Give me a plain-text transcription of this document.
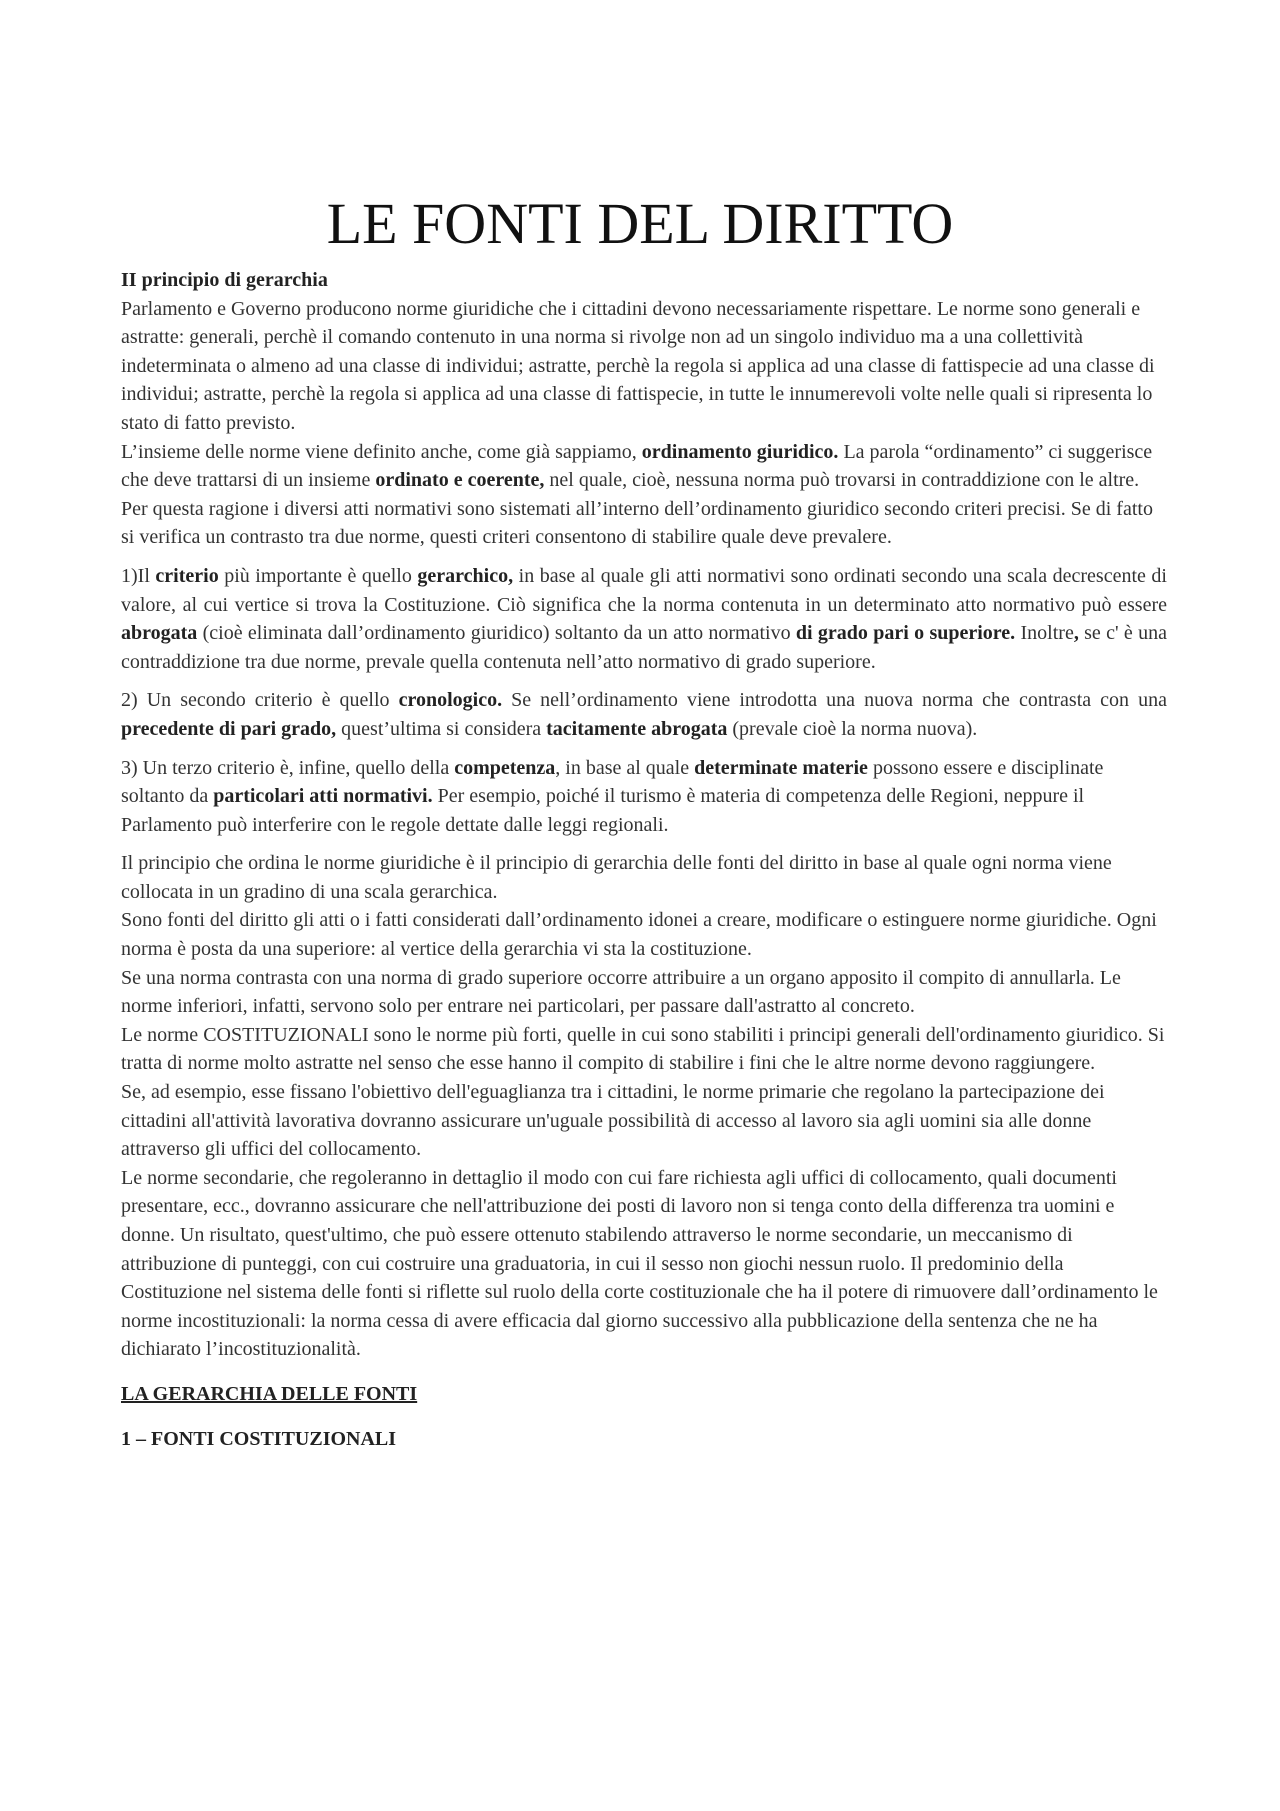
LE FONTI DEL DIRITTO

II principio di gerarchia

Parlamento e Governo producono norme giuridiche che i cittadini devono necessariamente rispettare. Le norme sono generali e astratte: generali, perchè il comando contenuto in una norma si rivolge non ad un singolo individuo ma a una collettività indeterminata o almeno ad una classe di individui; astratte, perchè la regola si applica ad una classe di fattispecie ad una classe di individui; astratte, perchè la regola si applica ad una classe di fattispecie, in tutte le innumerevoli volte nelle quali si ripresenta lo stato di fatto previsto.
L’insieme delle norme viene definito anche, come già sappiamo, ordinamento giuridico. La parola “ordinamento” ci suggerisce che deve trattarsi di un insieme ordinato e coerente, nel quale, cioè, nessuna norma può trovarsi in contraddizione con le altre. Per questa ragione i diversi atti normativi sono sistemati all’interno dell’ordinamento giuridico secondo criteri precisi. Se di fatto si verifica un contrasto tra due norme, questi criteri consentono di stabilire quale deve prevalere.

1)Il criterio più importante è quello gerarchico, in base al quale gli atti normativi sono ordinati secondo una scala decrescente di valore, al cui vertice si trova la Costituzione. Ciò significa che la norma contenuta in un determinato atto normativo può essere abrogata (cioè eliminata dall’ordinamento giuridico) soltanto da un atto normativo di grado pari o superiore. Inoltre, se c' è una contraddizione tra due norme, prevale quella contenuta nell’atto normativo di grado superiore.

2) Un secondo criterio è quello cronologico. Se nell’ordinamento viene introdotta una nuova norma che contrasta con una precedente di pari grado, quest’ultima si considera tacitamente abrogata (prevale cioè la norma nuova).

3) Un terzo criterio è, infine, quello della competenza, in base al quale determinate materie possono essere e disciplinate soltanto da particolari atti normativi. Per esempio, poiché il turismo è materia di competenza delle Regioni, neppure il Parlamento può interferire con le regole dettate dalle leggi regionali.

Il principio che ordina le norme giuridiche è il principio di gerarchia delle fonti del diritto in base al quale ogni norma viene collocata in un gradino di una scala gerarchica.
Sono fonti del diritto gli atti o i fatti considerati dall’ordinamento idonei a creare, modificare o estinguere norme giuridiche. Ogni norma è posta da una superiore: al vertice della gerarchia vi sta la costituzione.
Se una norma contrasta con una norma di grado superiore occorre attribuire a un organo apposito il compito di annullarla. Le norme inferiori, infatti, servono solo per entrare nei particolari, per passare dall'astratto al concreto.
Le norme COSTITUZIONALI sono le norme più forti, quelle in cui sono stabiliti i principi generali dell'ordinamento giuridico. Si tratta di norme molto astratte nel senso che esse hanno il compito di stabilire i fini che le altre norme devono raggiungere.
Se, ad esempio, esse fissano l'obiettivo dell'eguaglianza tra i cittadini, le norme primarie che regolano la partecipazione dei cittadini all'attività lavorativa dovranno assicurare un'uguale possibilità di accesso al lavoro sia agli uomini sia alle donne attraverso gli uffici del collocamento.
Le norme secondarie, che regoleranno in dettaglio il modo con cui fare richiesta agli uffici di collocamento, quali documenti presentare, ecc., dovranno assicurare che nell'attribuzione dei posti di lavoro non si tenga conto della differenza tra uomini e donne. Un risultato, quest'ultimo, che può essere ottenuto stabilendo attraverso le norme secondarie, un meccanismo di attribuzione di punteggi, con cui costruire una graduatoria, in cui il sesso non giochi nessun ruolo. Il predominio della Costituzione nel sistema delle fonti si riflette sul ruolo della corte costituzionale che ha il potere di rimuovere dall’ordinamento le norme incostituzionali: la norma cessa di avere efficacia dal giorno successivo alla pubblicazione della sentenza che ne ha dichiarato l’incostituzionalità.

LA GERARCHIA DELLE FONTI

1 – FONTI COSTITUZIONALI
